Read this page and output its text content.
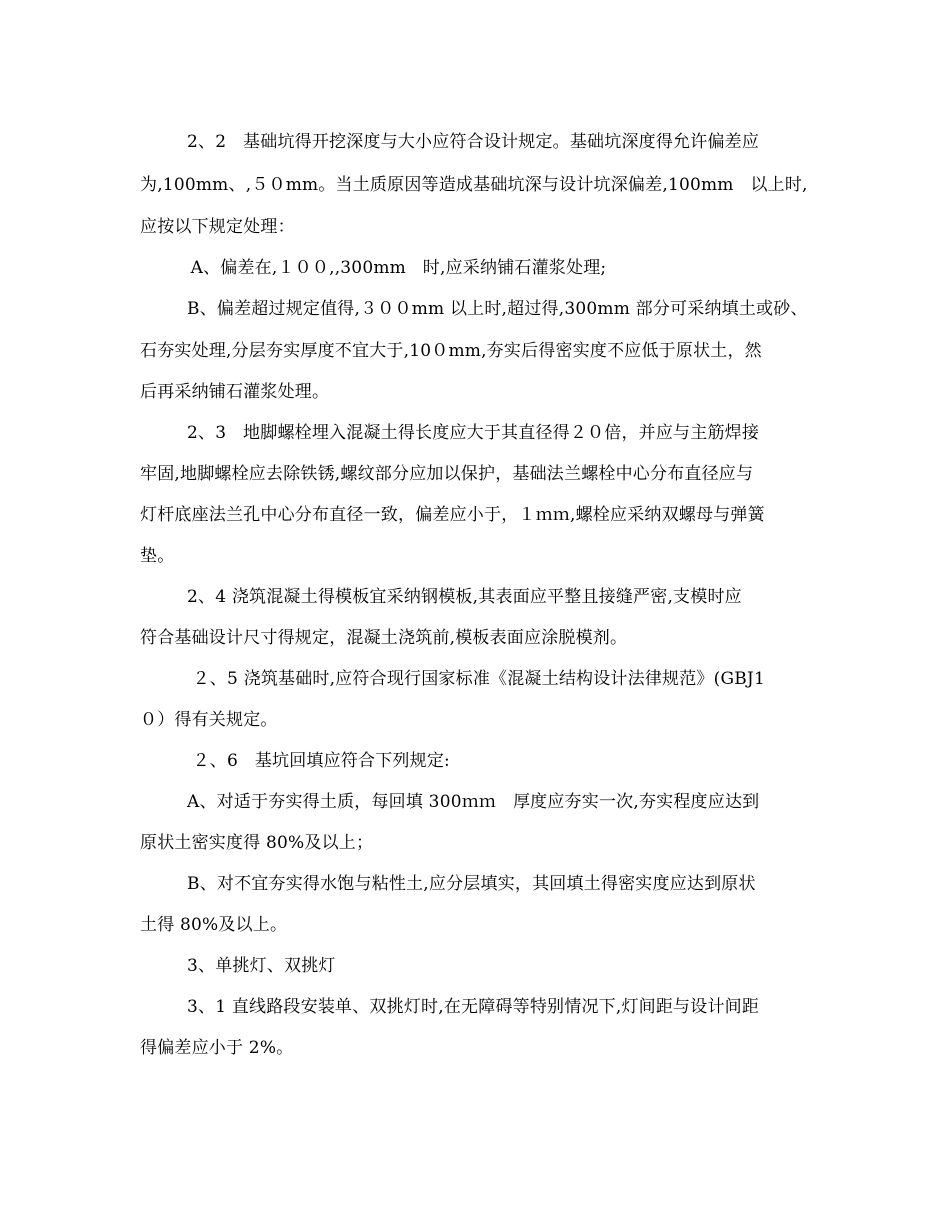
2、2   基础坑得开挖深度与大小应符合设计规定。基础坑深度得允许偏差应
为,100mm、,５０mm。当土质原因等造成基础坑深与设计坑深偏差,100mm   以上时,
应按以下规定处理：
A、偏差在,１００,,300mm   时,应采纳铺石灌浆处理;
B、偏差超过规定值得,３００mm 以上时,超过得,300mm 部分可采纳填土或砂、
石夯实处理,分层夯实厚度不宜大于,10０mm,夯实后得密实度不应低于原状土，然
后再采纳铺石灌浆处理。
2、3   地脚螺栓埋入混凝土得长度应大于其直径得２０倍，并应与主筋焊接
牢固,地脚螺栓应去除铁锈,螺纹部分应加以保护，基础法兰螺栓中心分布直径应与
灯杆底座法兰孔中心分布直径一致，偏差应小于，１ｍｍ,螺栓应采纳双螺母与弹簧
垫。
2、4 浇筑混凝土得模板宜采纳钢模板,其表面应平整且接缝严密,支模时应
符合基础设计尺寸得规定，混凝土浇筑前,模板表面应涂脱模剂。
２、5 浇筑基础时,应符合现行国家标准《混凝土结构设计法律规范》(GBJ1
０）得有关规定。
２、6   基坑回填应符合下列规定:
A、对适于夯实得土质，每回填 300ｍｍ   厚度应夯实一次,夯实程度应达到
原状土密实度得 80%及以上；
B、对不宜夯实得水饱与粘性土,应分层填实，其回填土得密实度应达到原状
土得 80%及以上。
3、单挑灯、双挑灯
3、1 直线路段安装单、双挑灯时,在无障碍等特别情况下,灯间距与设计间距
得偏差应小于 2%。
